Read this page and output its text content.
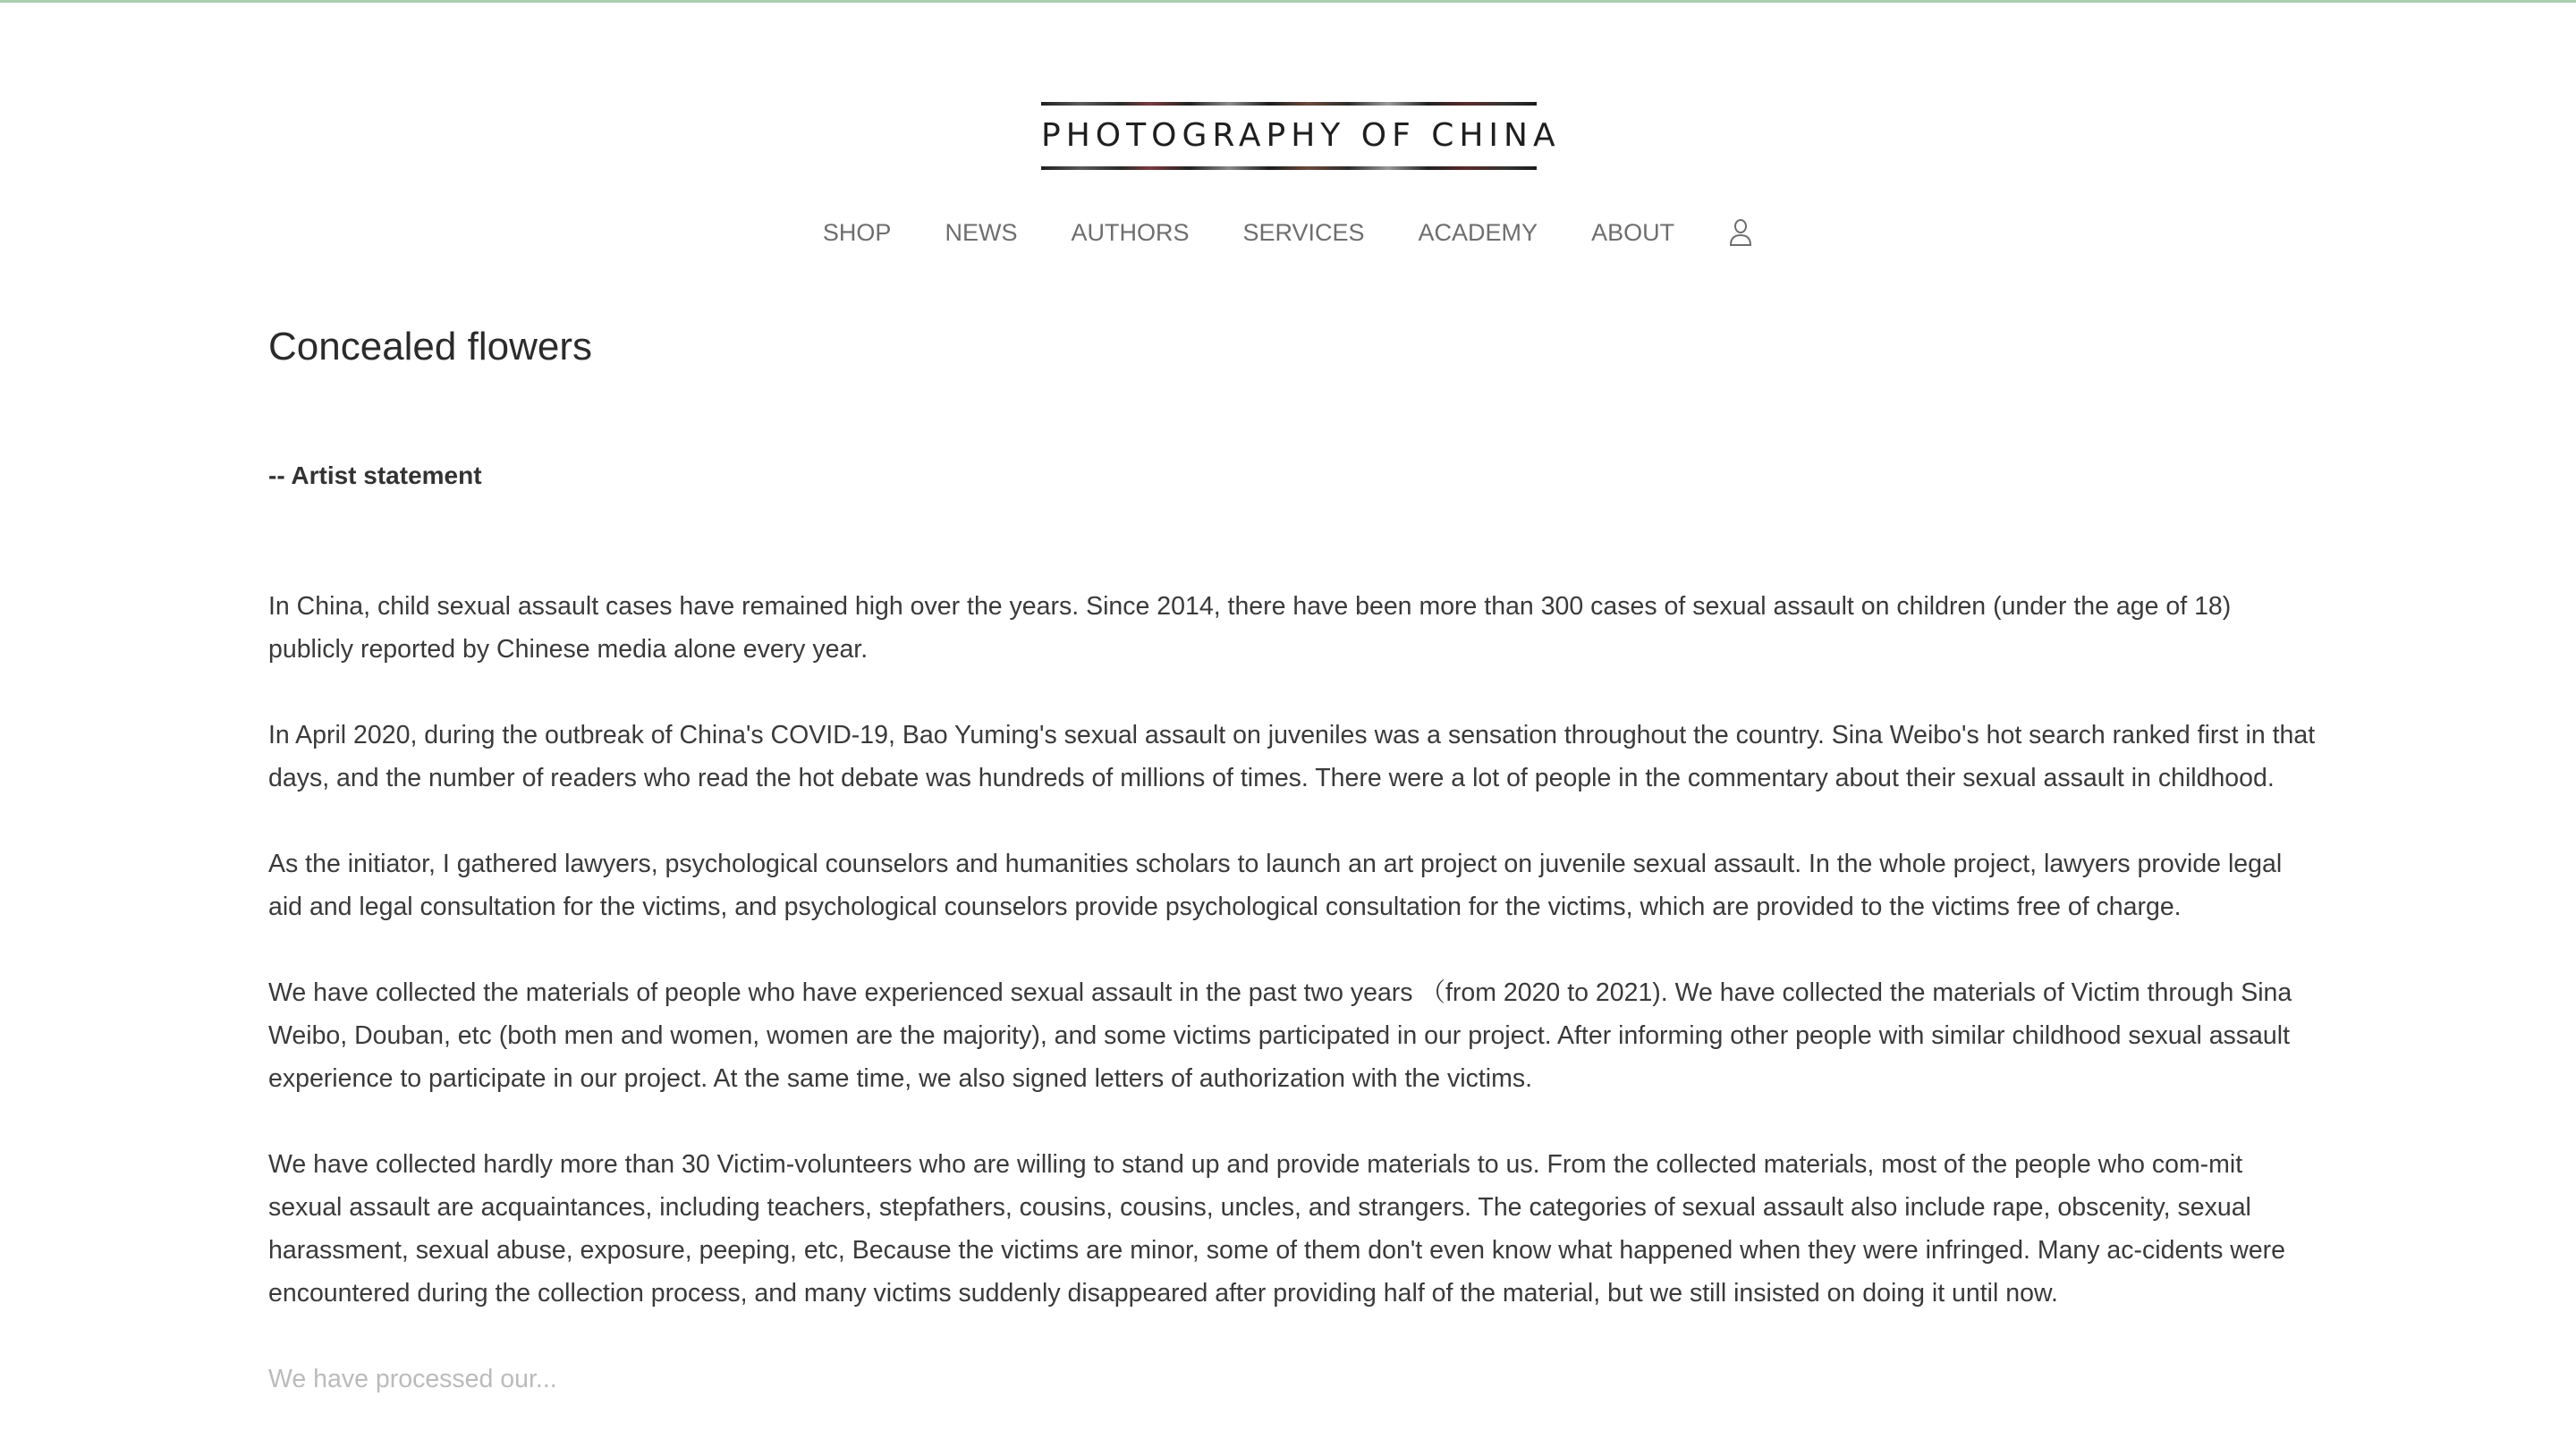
PHOTOGRAPHY OF CHINA
SHOP NEWS AUTHORS SERVICES ACADEMY ABOUT
Concealed flowers
-- Artist statement

In China, child sexual assault cases have remained high over the years. Since 2014, there have been more than 300 cases of sexual assault on children (under the age of 18) publicly reported by Chinese media alone every year.

In April 2020, during the outbreak of China's COVID-19, Bao Yuming's sexual assault on juveniles was a sensation throughout the country. Sina Weibo's hot search ranked first in that days, and the number of readers who read the hot debate was hundreds of millions of times. There were a lot of people in the commentary about their sexual assault in childhood.

As the initiator, I gathered lawyers, psychological counselors and humanities scholars to launch an art project on juvenile sexual assault. In the whole project, lawyers provide legal aid and legal consultation for the victims, and psychological counselors provide psychological consultation for the victims, which are provided to the victims free of charge.

We have collected the materials of people who have experienced sexual assault in the past two years （from 2020 to 2021). We have collected the materials of Victim through Sina Weibo, Douban, etc (both men and women, women are the majority), and some victims participated in our project. After informing other people with similar childhood sexual assault experience to participate in our project. At the same time, we also signed letters of authorization with the victims.

We have collected hardly more than 30 Victim-volunteers who are willing to stand up and provide materials to us. From the collected materials, most of the people who com-mit sexual assault are acquaintances, including teachers, stepfathers, cousins, cousins, uncles, and strangers. The categories of sexual assault also include rape, obscenity, sexual harassment, sexual abuse, exposure, peeping, etc, Because the victims are minor, some of them don't even know what happened when they were infringed. Many ac-cidents were encountered during the collection process, and many victims suddenly disappeared after providing half of the material, but we still insisted on doing it until now.

We have processed our...
